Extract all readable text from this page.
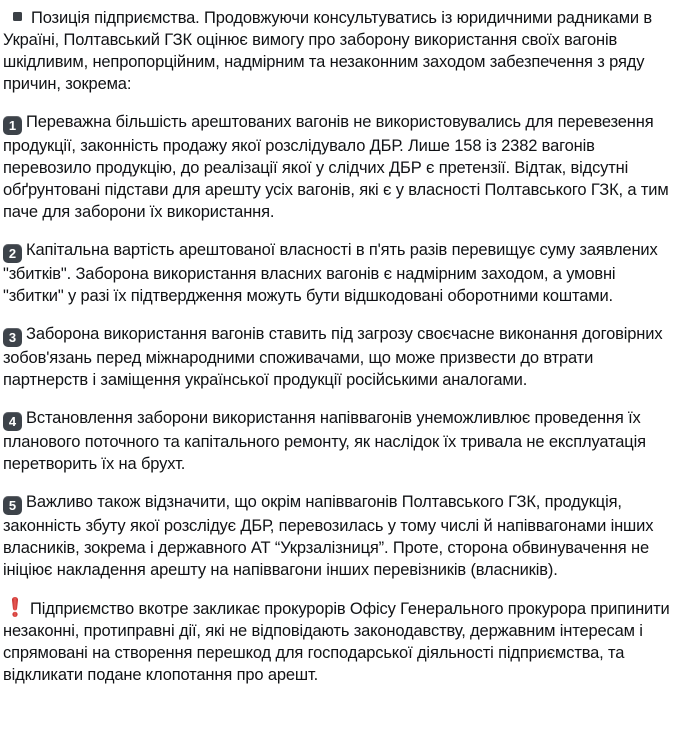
Позиція підприємства. Продовжуючи консультуватись із юридичними радниками в Україні, Полтавський ГЗК оцінює вимогу про заборону використання своїх вагонів шкідливим, непропорційним, надмірним та незаконним заходом забезпечення з ряду причин, зокрема:

1 Переважна більшість арештованих вагонів не використовувались для перевезення продукції, законність продажу якої розслідувало ДБР. Лише 158 із 2382 вагонів перевозило продукцію, до реалізації якої у слідчих ДБР є претензії. Відтак, відсутні обґрунтовані підстави для арешту усіх вагонів, які є у власності Полтавського ГЗК, а тим паче для заборони їх використання.

2 Капітальна вартість арештованої власності в п'ять разів перевищує суму заявлених "збитків". Заборона використання власних вагонів є надмірним заходом, а умовні "збитки" у разі їх підтвердження можуть бути відшкодовані оборотними коштами.

3 Заборона використання вагонів ставить під загрозу своєчасне виконання договірних зобов'язань перед міжнародними споживачами, що може призвести до втрати партнерств і заміщення української продукції російськими аналогами.

4 Встановлення заборони використання напіввагонів унеможливлює проведення їх планового поточного та капітального ремонту, як наслідок їх тривала не експлуатація перетворить їх на брухт.

5 Важливо також відзначити, що окрім напіввагонів Полтавського ГЗК, продукція, законність збуту якої розслідує ДБР, перевозилась у тому числі й напіввагонами інших власників, зокрема і державного АТ “Укрзалізниця”. Проте, сторона обвинувачення не ініціює накладення арешту на напіввагони інших перевізників (власників).

Підприємство вкотре закликає прокурорів Офісу Генерального прокурора припинити незаконні, протиправні дії, які не відповідають законодавству, державним інтересам і спрямовані на створення перешкод для господарської діяльності підприємства, та відкликати подане клопотання про арешт.
